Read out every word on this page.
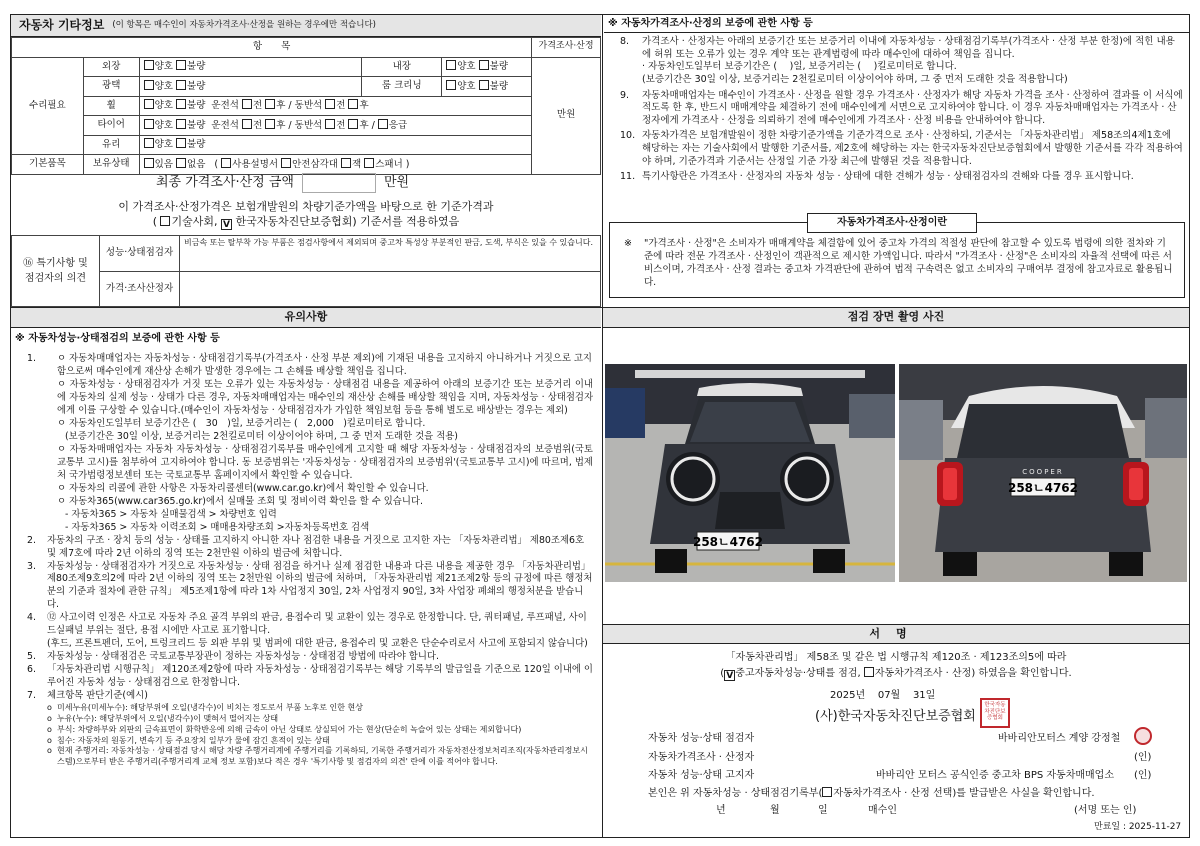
자동차 기타정보 (이 항목은 매수인이 자동차가격조사·산정을 원하는 경우에만 적습니다)
항　　목					가격조사·산정
수리필요	외장	양호 불량	내장	양호 불량	만원
	광택	양호 불량	룸 크리닝	양호 불량	
	휠	양호 불량 운전석 전 후 / 동반석 전 후			
	타이어	양호 불량 운전석 전 후 / 동반석 전 후 / 응급			
	유리	양호 불량			
기본품목	보유상태	있음 없음   ( 사용설명서 안전삼각대 잭 스패너 )			
최종 가격조사·산정 금액	만원
이 가격조사·산정가격은 보험개발원의 차량기준가액을 바탕으로 한 기준가격과
( 기술사회, V 한국자동차진단보증협회) 기준서를 적용하였음
⑯ 특기사항 및
점검자의 의견	성능·상태점검자	비금속 또는 탈부착 가능 부품은 점검사항에서 제외되며 중고차 특성상 부분적인 판금, 도색, 부식은 있을 수 있습니다.
	가격·조사산정자	
※ 자동차가격조사·산정의 보증에 관한 사항 등
8. 가격조사 · 산정자는 아래의 보증기간 또는 보증거리 이내에 자동차성능 · 상태점검기록부(가격조사 · 산정 부분 한정)에 적힌 내용에 허위 또는 오류가 있는 경우 계약 또는 관계법령에 따라 매수인에 대하여 책임을 집니다.
· 자동차인도일부터 보증기간은 (　 )일, 보증거리는 (　 )킬로미터로 합니다.
(보증기간은 30일 이상, 보증거리는 2천킬로미터 이상이어야 하며, 그 중 먼저 도래한 것을 적용합니다)
9. 자동차매매업자는 매수인이 가격조사 · 산정을 원할 경우 가격조사 · 산정자가 해당 자동차 가격을 조사 · 산정하여 결과를 이 서식에 적도록 한 후, 반드시 매매계약을 체결하기 전에 매수인에게 서면으로 고지하여야 합니다. 이 경우 자동차매매업자는 가격조사 · 산정자에게 가격조사 · 산정을 의뢰하기 전에 매수인에게 가격조사 · 산정 비용을 안내하여야 합니다.
10. 자동차가격은 보험개발원이 정한 차량기준가액을 기준가격으로 조사 · 산정하되, 기준서는 「자동차관리법」 제58조의4제1호에 해당하는 자는 기술사회에서 발행한 기준서를, 제2호에 해당하는 자는 한국자동차진단보증협회에서 발행한 기준서를 각각 적용하여야 하며, 기준가격과 기준서는 산정일 기준 가장 최근에 발행된 것을 적용합니다.
11. 특기사항란은 가격조사 · 산정자의 자동차 성능 · 상태에 대한 견해가 성능 · 상태점검자의 견해와 다를 경우 표시합니다.
※ "가격조사 · 산정"은 소비자가 매매계약을 체결함에 있어 중고차 가격의 적절성 판단에 참고할 수 있도록 법령에 의한 절차와 기준에 따라 전문 가격조사 · 산정인이 객관적으로 제시한 가액입니다. 따라서 "가격조사 · 산정"은 소비자의 자율적 선택에 따른 서비스이며, 가격조사 · 산정 결과는 중고차 가격판단에 관하여 법적 구속력은 없고 소비자의 구매여부 결정에 참고자료로 활용됩니다.
자동차가격조사·산정이란
유의사항
※ 자동차성능·상태점검의 보증에 관한 사항 등
1.	ㅇ 자동차매매업자는 자동차성능 · 상태점검기록부(가격조사 · 산정 부분 제외)에 기재된 내용을 고지하지 아니하거나 거짓으로 고지함으로써 매수인에게 재산상 손해가 발생한 경우에는 그 손해를 배상할 책임을 집니다.
ㅇ 자동차성능 · 상태점검자가 거짓 또는 오류가 있는 자동차성능 · 상태점검 내용을 제공하여 아래의 보증기간 또는 보증거리 이내에 자동차의 실제 성능 · 상태가 다른 경우, 자동차매매업자는 매수인의 재산상 손해를 배상할 책임을 지며, 자동차성능 · 상태점검자에게 이를 구상할 수 있습니다.(매수인이 자동차성능 · 상태점검자가 가입한 책임보험 등을 통해 별도로 배상받는 경우는 제외)
ㅇ 자동차인도일부터 보증기간은 (　30　)일, 보증거리는 (　2,000　)킬로미터로 합니다.
(보증기간은 30일 이상, 보증거리는 2천킬로미터 이상이어야 하며, 그 중 먼저 도래한 것을 적용)
ㅇ 자동차매매업자는 자동차 자동차성능 · 상태점검기록부를 매수인에게 고지할 때 해당 자동차성능 · 상태점검자의 보증범위(국토교통부 고시)를 첨부하여 고지하여야 합니다. 동 보증범위는 '자동차성능 · 상태점검자의 보증범위'(국토교통부 고시)에 따르며, 법제처 국가법령정보센터 또는 국토교통부 홈페이지에서 확인할 수 있습니다.
ㅇ 자동차의 리콜에 관한 사항은 자동차리콜센터(www.car.go.kr)에서 확인할 수 있습니다.
ㅇ 자동차365(www.car365.go.kr)에서 실매물 조회 및 정비이력 확인을 할 수 있습니다.
- 자동차365 > 자동차 실매물검색 > 차량번호 입력
- 자동차365 > 자동차 이력조회 > 매매용차량조회 >자동차등록번호 검색
2. 자동차의 구조 · 장치 등의 성능 · 상태를 고지하지 아니한 자나 점검한 내용을 거짓으로 고지한 자는 「자동차관리법」 제80조제6호 및 제7호에 따라 2년 이하의 징역 또는 2천만원 이하의 벌금에 처합니다.
3. 자동차성능 · 상태점검자가 거짓으로 자동차성능 · 상태 점검을 하거나 실제 점검한 내용과 다른 내용을 제공한 경우 「자동차관리법」 제80조제9호의2에 따라 2년 이하의 징역 또는 2천만원 이하의 벌금에 처하며, 「자동차관리법 제21조제2항 등의 규정에 따른 행정처분의 기준과 절차에 관한 규칙」 제5조제1항에 따라 1차 사업정지 30일, 2차 사업정지 90일, 3차 사업장 폐쇄의 행정처분을 받습니다.
4. ⑫ 사고이력 인정은 사고로 자동차 주요 골격 부위의 판금, 용접수리 및 교환이 있는 경우로 한정합니다. 단, 쿼터패널, 루프패널, 사이드실패널 부위는 절단, 용접 시에만 사고로 표기합니다.
(후드, 프론트펜더, 도어, 트렁크리드 등 외판 부위 및 범퍼에 대한 판금, 용접수리 및 교환은 단순수리로서 사고에 포함되지 않습니다)
5. 자동차성능 · 상태점검은 국토교통부장관이 정하는 자동차성능 · 상태점검 방법에 따라야 합니다.
6. 「자동차관리법 시행규칙」 제120조제2항에 따라 자동차성능 · 상태점검기록부는 해당 기록부의 발급일을 기준으로 120일 이내에 이루어진 자동차 성능 · 상태점검으로 한정합니다.
7. 체크항목 판단기준(예시)
o 미세누유(미세누수): 해당부위에 오일(냉각수)이 비치는 정도로서 부품 노후로 인한 현상
o 누유(누수): 해당부위에서 오일(냉각수)이 맺혀서 떨어지는 상태
o 부식: 차량하부와 외판의 금속표면이 화학반응에 의해 금속이 아닌 상태로 상실되어 가는 현상(단순히 녹슬어 있는 상태는 제외합니다)
o 침수: 자동차의 원동기, 변속기 등 주요장치 일부가 물에 잠긴 흔적이 있는 상태
o 현재 주행거리: 자동차성능 · 상태점검 당시 해당 차량 주행거리계에 주행거리를 기록하되, 기록한 주행거리가 자동차전산정보처리조직(자동차관리정보시스템)으로부터 받은 주행거리(주행거리계 교체 정보 포함)보다 적은 경우 '특기사항 및 점검자의 의견' 란에 이를 적어야 합니다.
점검 장면 촬영 사진
258ㄴ4762
COOPER
258ㄴ4762
서명
「자동차관리법」 제58조 및 같은 법 시행규칙 제120조 · 제123조의5에 따라
( V 중고자동차성능·상태를 점검, 자동차가격조사 · 산정) 하였음을 확인합니다.
2025년 07월 31일
(사)한국자동차진단보증협회
한국자동차진단보증협회
자동차 성능·상태 점검자	바바리안모터스 계양 강정철
자동차가격조사 · 산정자	(인)
자동차 성능·상태 고지자	바바리안 모터스 공식인증 중고차 BPS 자동차매매업소 (인)
본인은 위 자동차성능 · 상태점검기록부( 자동차가격조사 · 산정 선택)를 발급받은 사실을 확인합니다.
년	월	일	매수인	(서명 또는 인)
만료일 : 2025-11-27
